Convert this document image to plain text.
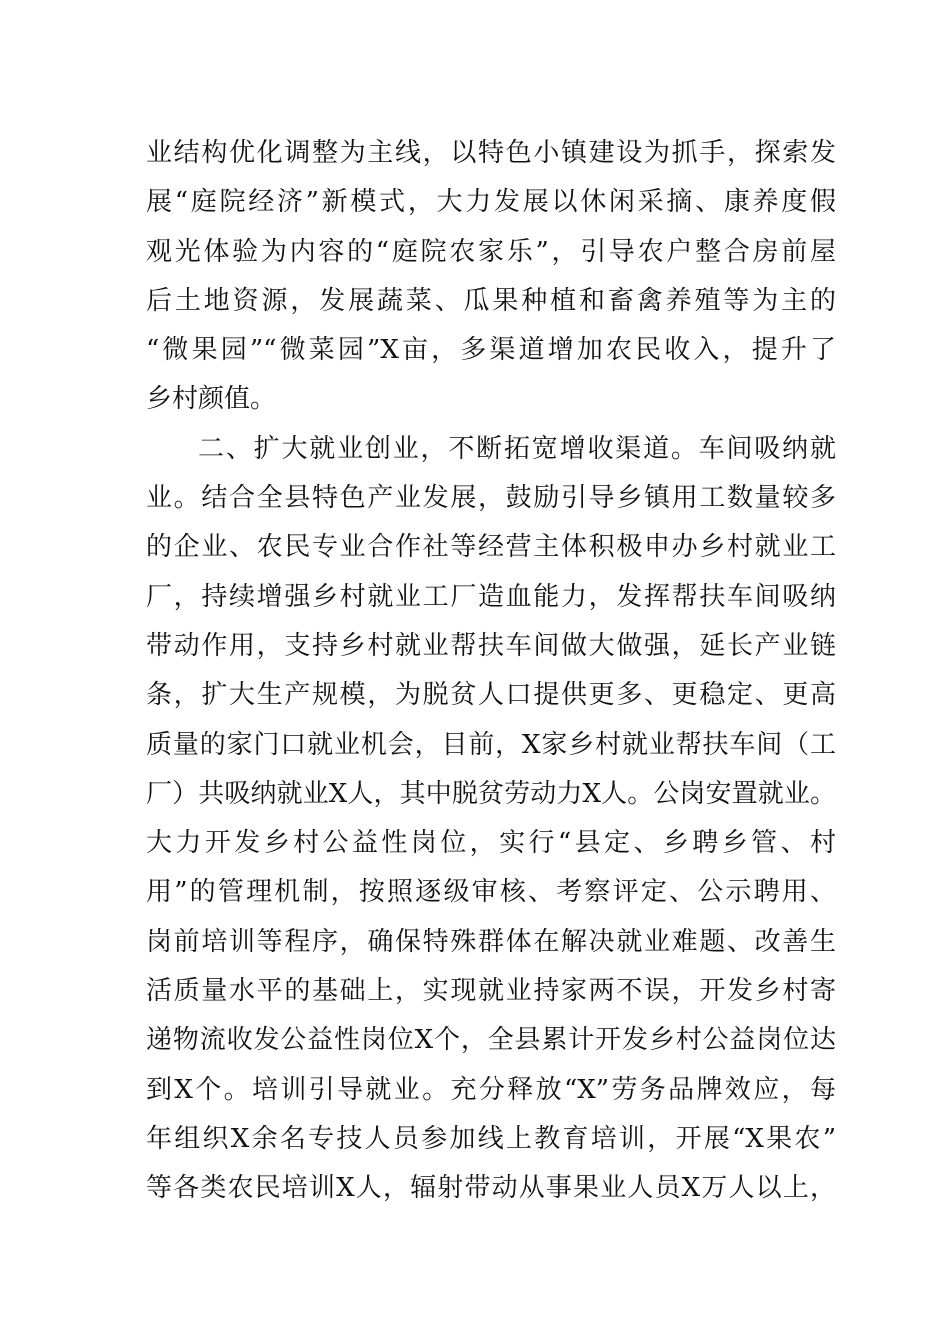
业结构优化调整为主线，以特色小镇建设为抓手，探索发
展“庭院经济”新模式，大力发展以休闲采摘、康养度假
观光体验为内容的“庭院农家乐”，引导农户整合房前屋
后土地资源，发展蔬菜、瓜果种植和畜禽养殖等为主的
“微果园”“微菜园”X亩，多渠道增加农民收入，提升了
乡村颜值。
二、扩大就业创业，不断拓宽增收渠道。车间吸纳就
业。结合全县特色产业发展，鼓励引导乡镇用工数量较多
的企业、农民专业合作社等经营主体积极申办乡村就业工
厂，持续增强乡村就业工厂造血能力，发挥帮扶车间吸纳
带动作用，支持乡村就业帮扶车间做大做强，延长产业链
条，扩大生产规模，为脱贫人口提供更多、更稳定、更高
质量的家门口就业机会，目前，X家乡村就业帮扶车间（工
厂）共吸纳就业X人，其中脱贫劳动力X人。公岗安置就业。
大力开发乡村公益性岗位，实行“县定、乡聘乡管、村
用”的管理机制，按照逐级审核、考察评定、公示聘用、
岗前培训等程序，确保特殊群体在解决就业难题、改善生
活质量水平的基础上，实现就业持家两不误，开发乡村寄
递物流收发公益性岗位X个，全县累计开发乡村公益岗位达
到X个。培训引导就业。充分释放“X”劳务品牌效应，每
年组织X余名专技人员参加线上教育培训，开展“X果农”
等各类农民培训X人，辐射带动从事果业人员X万人以上，
